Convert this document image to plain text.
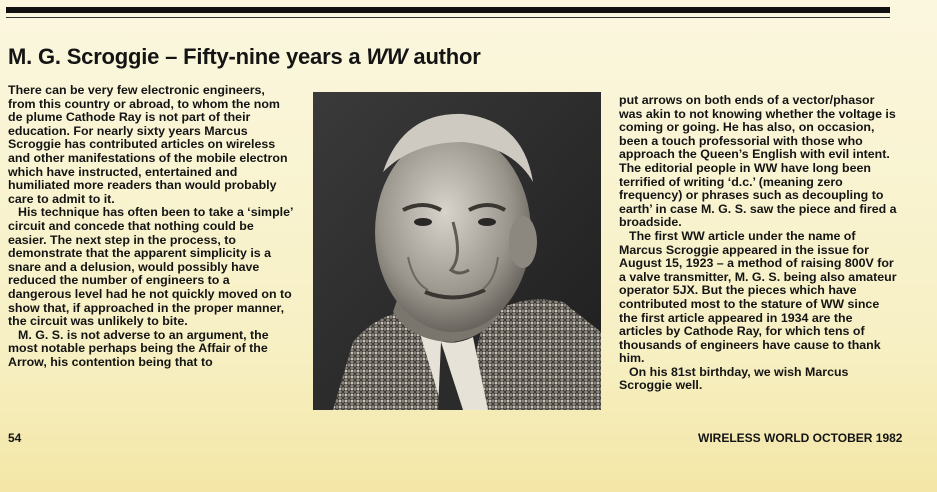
M. G. Scroggie – Fifty-nine years a WW author

There can be very few electronic engineers, from this country or abroad, to whom the nom de plume Cathode Ray is not part of their education. For nearly sixty years Marcus Scroggie has contributed articles on wireless and other manifestations of the mobile electron which have instructed, entertained and humiliated more readers than would probably care to admit to it.

His technique has often been to take a ‘simple’ circuit and concede that nothing could be easier. The next step in the process, to demonstrate that the apparent simplicity is a snare and a delusion, would possibly have reduced the number of engineers to a dangerous level had he not quickly moved on to show that, if approached in the proper manner, the circuit was unlikely to bite.

M. G. S. is not adverse to an argument, the most notable perhaps being the Affair of the Arrow, his contention being that to

put arrows on both ends of a vector/phasor was akin to not knowing whether the voltage is coming or going. He has also, on occasion, been a touch professorial with those who approach the Queen’s English with evil intent. The editorial people in WW have long been terrified of writing ‘d.c.’ (meaning zero frequency) or phrases such as decoupling to earth’ in case M. G. S. saw the piece and fired a broadside.

The first WW article under the name of Marcus Scroggie appeared in the issue for August 15, 1923 – a method of raising 800V for a valve transmitter, M. G. S. being also amateur operator 5JX. But the pieces which have contributed most to the stature of WW since the first article appeared in 1934 are the articles by Cathode Ray, for which tens of thousands of engineers have cause to thank him.

On his 81st birthday, we wish Marcus Scroggie well.

54	WIRELESS WORLD OCTOBER 1982
